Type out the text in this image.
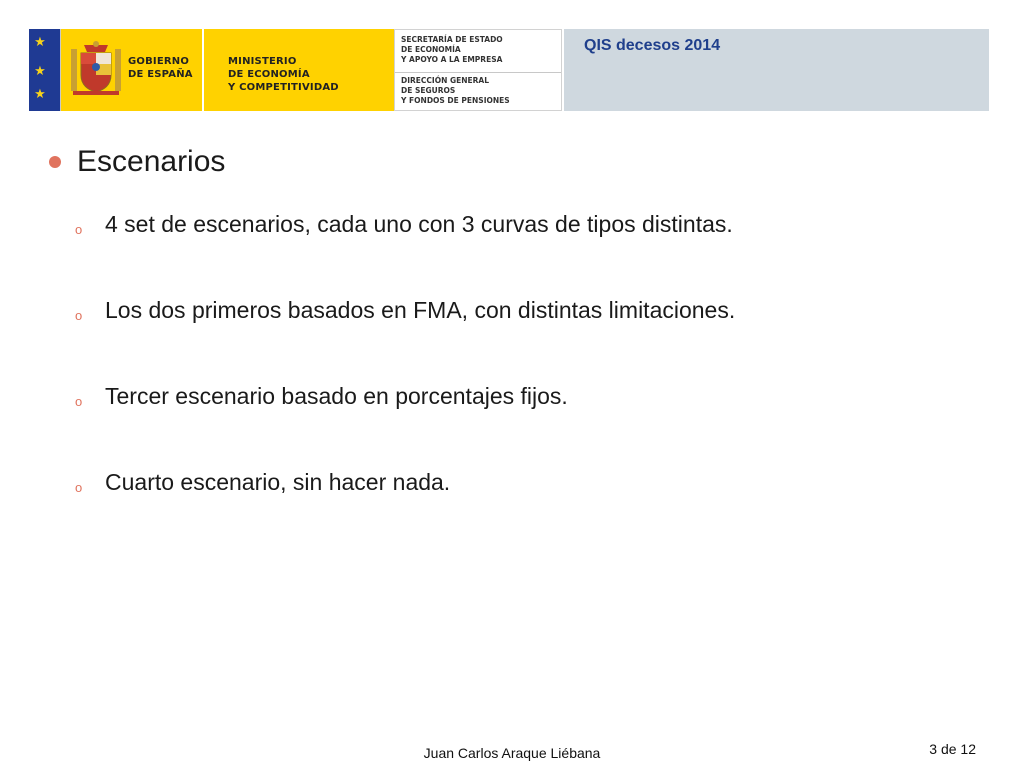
★
★
★
GOBIERNO
DE ESPAÑA
MINISTERIO
DE ECONOMÍA
Y COMPETITIVIDAD
SECRETARÍA DE ESTADO
DE ECONOMÍA
Y APOYO A LA EMPRESA
DIRECCIÓN GENERAL
DE SEGUROS
Y FONDOS DE PENSIONES
QIS decesos 2014
Escenarios
o 4 set de escenarios, cada uno con 3 curvas de tipos distintas.
o Los dos primeros basados en FMA, con distintas limitaciones.
o Tercer escenario basado en porcentajes fijos.
o Cuarto escenario, sin hacer nada.
Juan Carlos Araque Liébana	3 de 12
